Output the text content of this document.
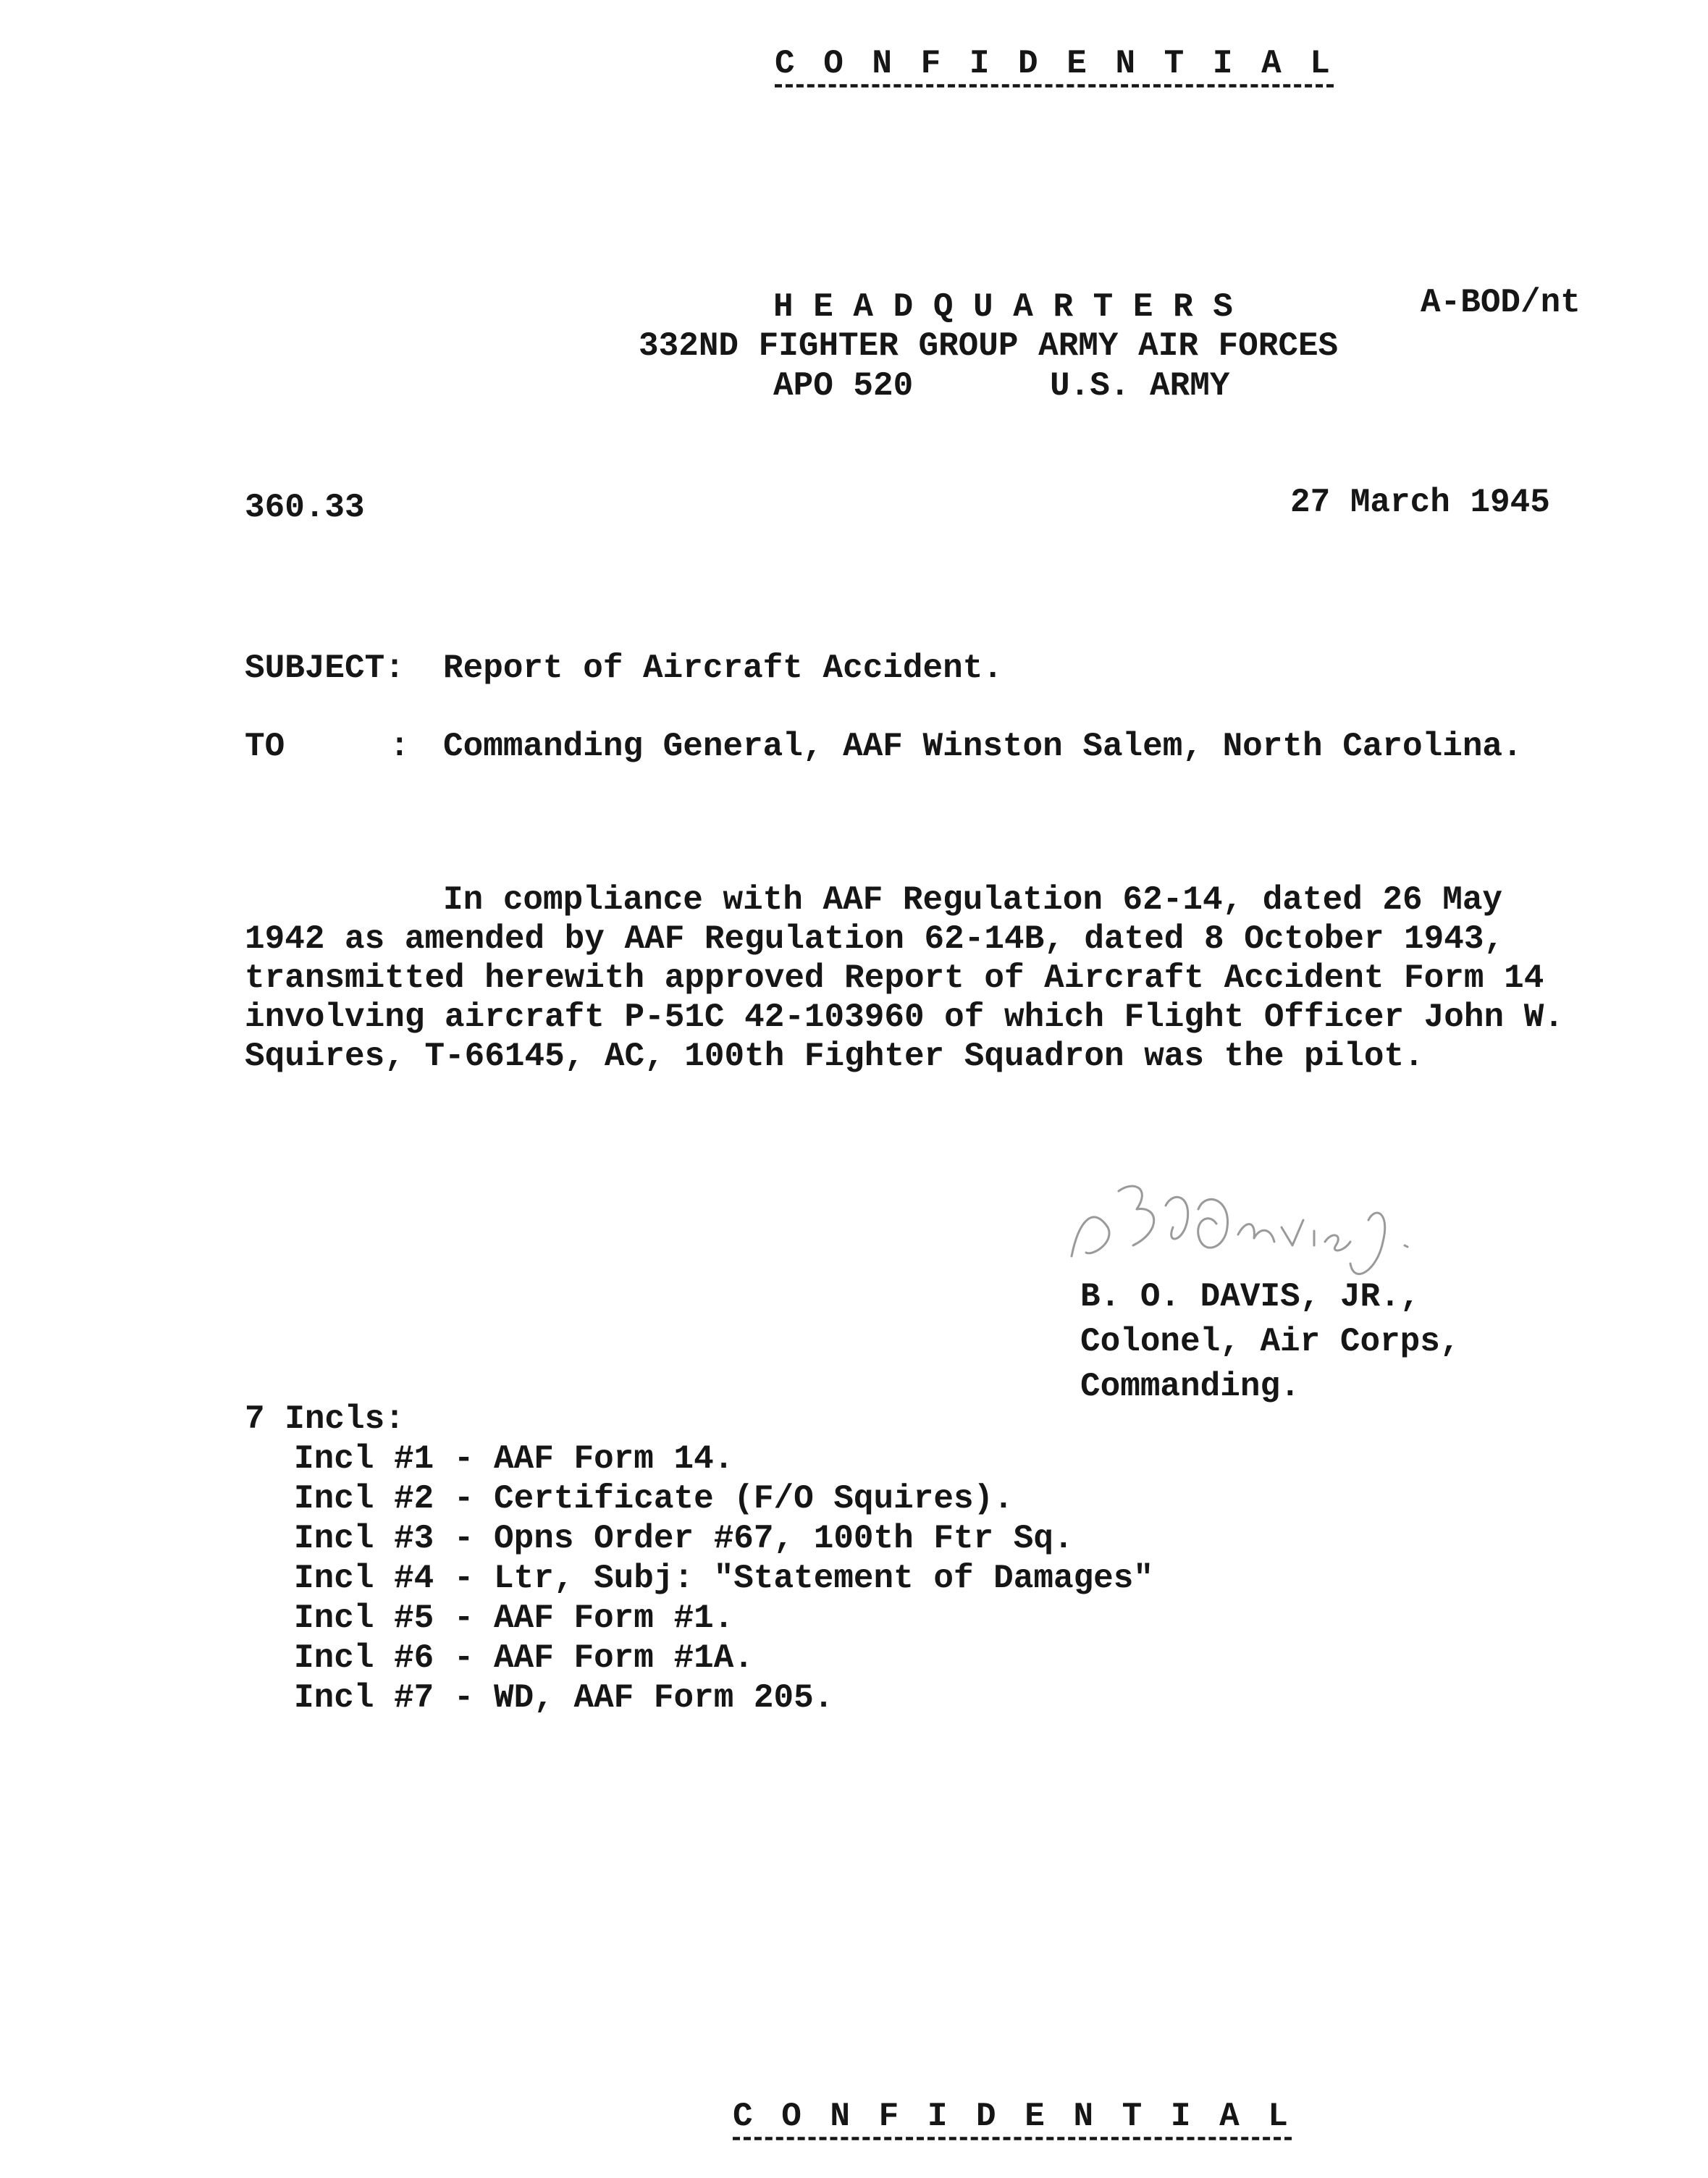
C O N F I D E N T I A L
A-BOD/nt
H E A D Q U A R T E R S
332ND FIGHTER GROUP ARMY AIR FORCES
APO 520	U.S. ARMY
360.33	27 March 1945
SUBJECT: Report of Aircraft Accident.
TO	: Commanding General, AAF Winston Salem, North Carolina.
In compliance with AAF Regulation 62-14, dated 26 May
1942 as amended by AAF Regulation 62-14B, dated 8 October 1943,
transmitted herewith approved Report of Aircraft Accident Form 14
involving aircraft P-51C 42-103960 of which Flight Officer John W.
Squires, T-66145, AC, 100th Fighter Squadron was the pilot.
B. O. DAVIS, JR.,
Colonel, Air Corps,
Commanding.
7 Incls:
Incl #1 - AAF Form 14.
Incl #2 - Certificate (F/O Squires).
Incl #3 - Opns Order #67, 100th Ftr Sq.
Incl #4 - Ltr, Subj: "Statement of Damages"
Incl #5 - AAF Form #1.
Incl #6 - AAF Form #1A.
Incl #7 - WD, AAF Form 205.
C O N F I D E N T I A L
